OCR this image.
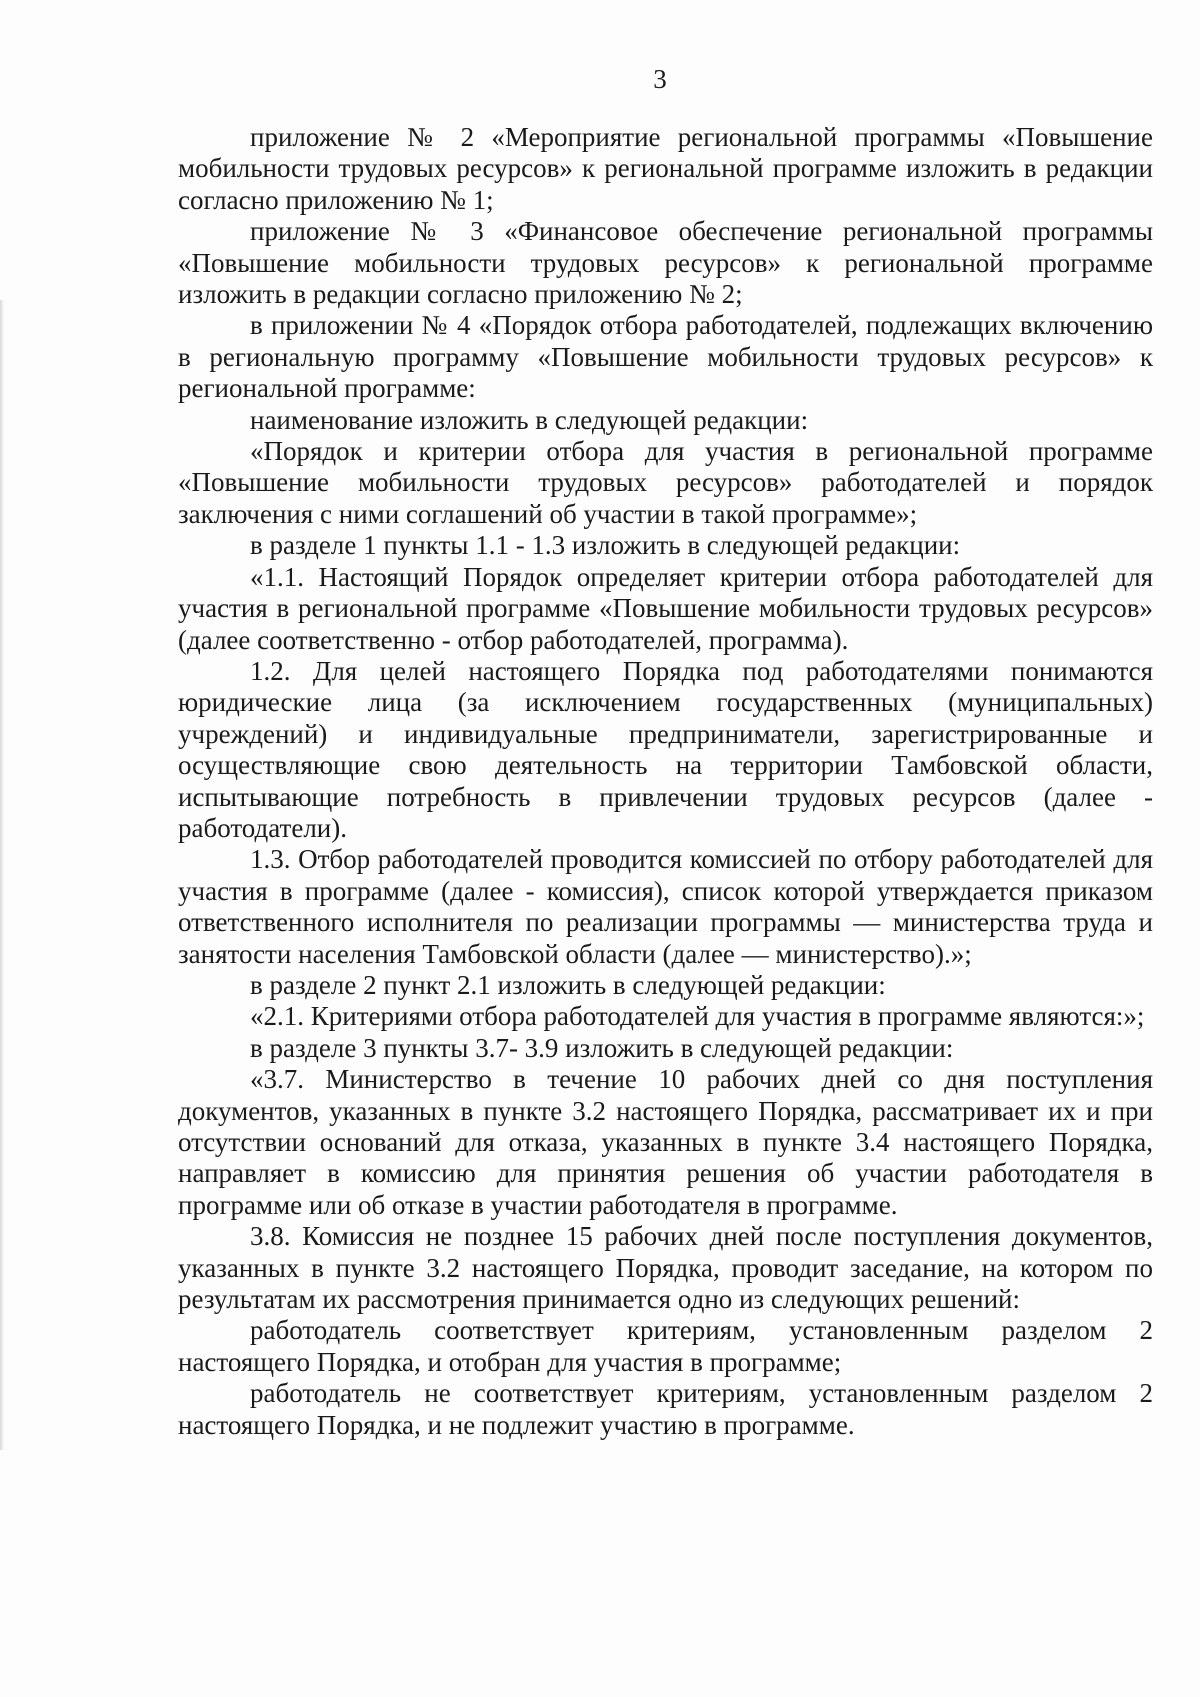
3

приложение № 2 «Мероприятие региональной программы «Повышение мобильности трудовых ресурсов» к региональной программе изложить в редакции согласно приложению № 1;

приложение № 3 «Финансовое обеспечение региональной программы «Повышение мобильности трудовых ресурсов» к региональной программе изложить в редакции согласно приложению № 2;

в приложении № 4 «Порядок отбора работодателей, подлежащих включению в региональную программу «Повышение мобильности трудовых ресурсов» к региональной программе:

наименование изложить в следующей редакции:

«Порядок и критерии отбора для участия в региональной программе «Повышение мобильности трудовых ресурсов» работодателей и порядок заключения с ними соглашений об участии в такой программе»;

в разделе 1 пункты 1.1 - 1.3 изложить в следующей редакции:

«1.1. Настоящий Порядок определяет критерии отбора работодателей для участия в региональной программе «Повышение мобильности трудовых ресурсов» (далее соответственно - отбор работодателей, программа).

1.2. Для целей настоящего Порядка под работодателями понимаются юридические лица (за исключением государственных (муниципальных) учреждений) и индивидуальные предприниматели, зарегистрированные и осуществляющие свою деятельность на территории Тамбовской области, испытывающие потребность в привлечении трудовых ресурсов (далее - работодатели).

1.3. Отбор работодателей проводится комиссией по отбору работодателей для участия в программе (далее - комиссия), список которой утверждается приказом ответственного исполнителя по реализации программы — министерства труда и занятости населения Тамбовской области (далее — министерство).»;

в разделе 2 пункт 2.1 изложить в следующей редакции:

«2.1. Критериями отбора работодателей для участия в программе являются:»;

в разделе 3 пункты 3.7- 3.9 изложить в следующей редакции:

«3.7. Министерство в течение 10 рабочих дней со дня поступления документов, указанных в пункте 3.2 настоящего Порядка, рассматривает их и при отсутствии оснований для отказа, указанных в пункте 3.4 настоящего Порядка, направляет в комиссию для принятия решения об участии работодателя в программе или об отказе в участии работодателя в программе.

3.8. Комиссия не позднее 15 рабочих дней после поступления документов, указанных в пункте 3.2 настоящего Порядка, проводит заседание, на котором по результатам их рассмотрения принимается одно из следующих решений:

работодатель соответствует критериям, установленным разделом 2 настоящего Порядка, и отобран для участия в программе;

работодатель не соответствует критериям, установленным разделом 2 настоящего Порядка, и не подлежит участию в программе.
